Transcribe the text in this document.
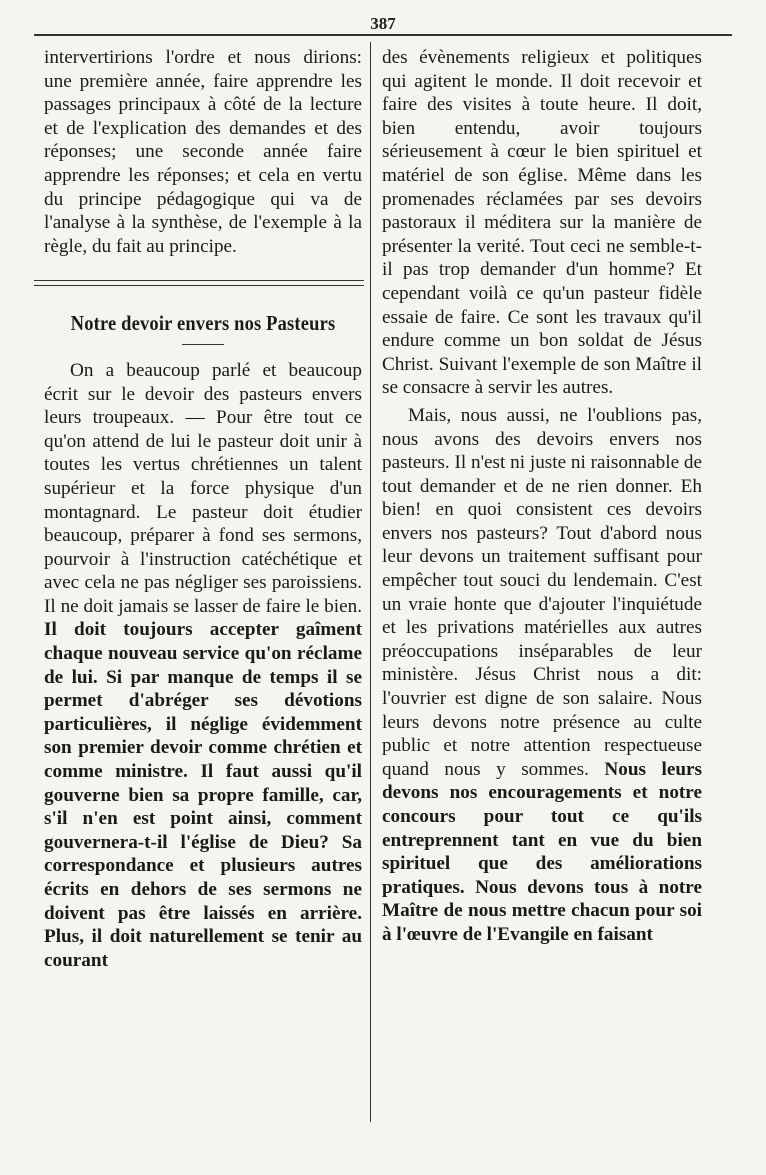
387

intervertirions l'ordre et nous dirions: une première année, faire apprendre les passages principaux à côté de la lecture et de l'explication des demandes et des réponses; une seconde année faire apprendre les réponses; et cela en vertu du principe pédagogique qui va de l'analyse à la synthèse, de l'exemple à la règle, du fait au principe.

Notre devoir envers nos Pasteurs

On a beaucoup parlé et beaucoup écrit sur le devoir des pasteurs envers leurs troupeaux. — Pour être tout ce qu'on attend de lui le pasteur doit unir à toutes les vertus chrétiennes un talent supérieur et la force physique d'un montagnard. Le pasteur doit étudier beaucoup, préparer à fond ses sermons, pourvoir à l'instruction catéchétique et avec cela ne pas négliger ses paroissiens. Il ne doit jamais se lasser de faire le bien. Il doit toujours accepter gaîment chaque nouveau service qu'on réclame de lui. Si par manque de temps il se permet d'abréger ses dévotions particulières, il néglige évidemment son premier devoir comme chrétien et comme ministre. Il faut aussi qu'il gouverne bien sa propre famille, car, s'il n'en est point ainsi, comment gouvernera-t-il l'église de Dieu? Sa correspondance et plusieurs autres écrits en dehors de ses sermons ne doivent pas être laissés en arrière. Plus, il doit naturellement se tenir au courant

des évènements religieux et politiques qui agitent le monde. Il doit recevoir et faire des visites à toute heure. Il doit, bien entendu, avoir toujours sérieusement à cœur le bien spirituel et matériel de son église. Même dans les promenades réclamées par ses devoirs pastoraux il méditera sur la manière de présenter la verité. Tout ceci ne semble-t-il pas trop demander d'un homme? Et cependant voilà ce qu'un pasteur fidèle essaie de faire. Ce sont les travaux qu'il endure comme un bon soldat de Jésus Christ. Suivant l'exemple de son Maître il se consacre à servir les autres.

Mais, nous aussi, ne l'oublions pas, nous avons des devoirs envers nos pasteurs. Il n'est ni juste ni raisonnable de tout demander et de ne rien donner. Eh bien! en quoi consistent ces devoirs envers nos pasteurs? Tout d'abord nous leur devons un traitement suffisant pour empêcher tout souci du lendemain. C'est un vraie honte que d'ajouter l'inquiétude et les privations matérielles aux autres préoccupations inséparables de leur ministère. Jésus Christ nous a dit: l'ouvrier est digne de son salaire. Nous leurs devons notre présence au culte public et notre attention respectueuse quand nous y sommes. Nous leurs devons nos encouragements et notre concours pour tout ce qu'ils entreprennent tant en vue du bien spirituel que des améliorations pratiques. Nous devons tous à notre Maître de nous mettre chacun pour soi à l'œuvre de l'Evangile en faisant
